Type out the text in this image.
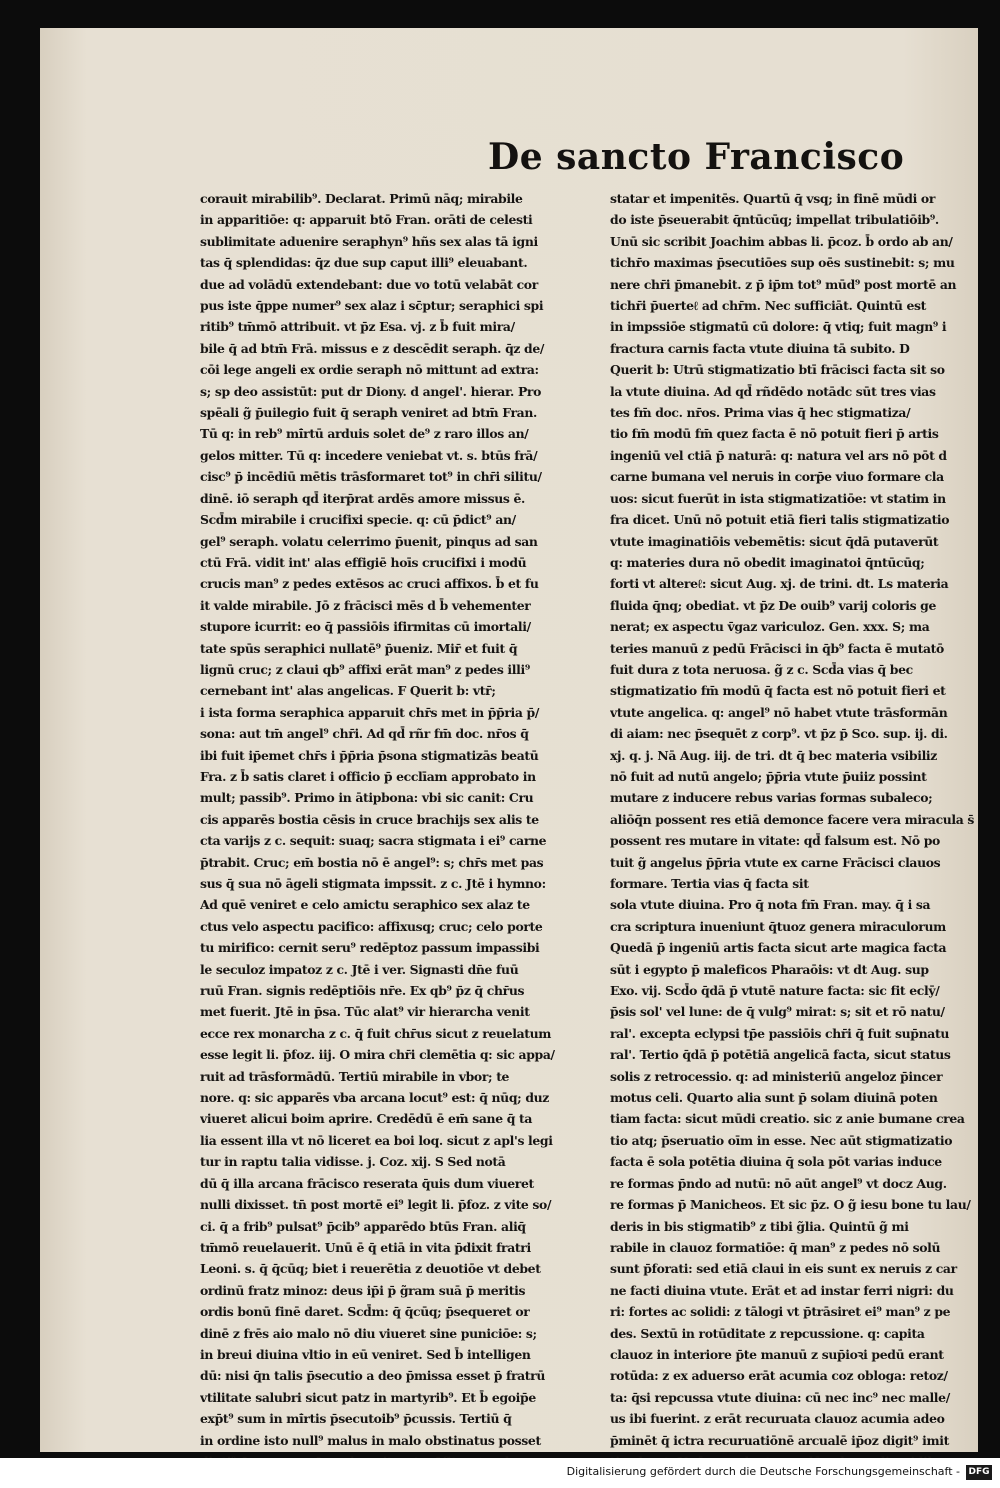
De sancto Francisco
corauit mirabilib⁹. Declarat. Primū nāq; mirabile
in apparitiōe: q: apparuit btō Fran. orāti de celesti
sublimitate aduenire seraphyn⁹ hñs sex alas tā igni
tas q̄ splendidas: q̄z due sup caput illi⁹ eleuabant.
due ad volādū extendebant: due vo totū velabāt cor
pus iste q̄ppe numer⁹ sex alaz i sc̄ptur; seraphici spi
ritib⁹ tm̄mō attribuit. vt p̄z Esa. vj. z b̄ fuit mira/
bile q̄ ad btm̄ Frā. missus e z descēdit seraph. q̄z de/
cōi lege angeli ex ordie seraph nō mittunt ad extra:
s; sp deo assistūt: put dr Diony. d angel'. hierar. Pro
spēali g̃ p̄uilegio fuit q̄ seraph veniret ad btm̄ Fran.
Tū q: in reb⁹ mi̇̄rtū arduis solet de⁹ z raro illos an/
gelos mitter. Tū q: incedere veniebat vt. s. btūs frā/
cisc⁹ p̄ incēdiū mētis trāsformaret tot⁹ in chr̄i silitu/
dinē. iō seraph qd̄ iterp̄rat ardēs amore missus ē.
Scd̄m mirabile i crucifixi specie. q: cū p̄dict⁹ an/
gel⁹ seraph. volatu celerrimo p̄uenit, pinqus ad san
ctū Frā. vidit int' alas effigiē hoīs crucifixi i modū
crucis man⁹ z pedes extēsos ac cruci affixos. b̄ et fu
it valde mirabile. Jō z frācisci mēs d b̄ vehementer
stupore icurrit: eo q̄ passiōis ifirmitas cū imortali/
tate spūs seraphici nullatē⁹ p̄ueniz. Mir̄ et fuit q̄
lignū cruc; z claui qb⁹ affixi erāt man⁹ z pedes illi⁹
cernebant int' alas angelicas. F Querit b: vtr̄;
i ista forma seraphica apparuit chr̄s met in p̄p̄ria p̄/
sona: aut tm̄ angel⁹ chr̄i. Ad qd̄ rñr fm̄ doc. nr̄os q̄
ibi fuit ip̄emet chr̄s i p̄p̄ria p̄sona stigmatizās beatū
Fra. z b̄ satis claret i officio p̄ ecclīam approbato in
mult; passib⁹. Primo in ātipbona: vbi sic canit: Cru
cis apparēs bostia cēsis in cruce brachijs sex alis te
cta varijs z c. sequit: suaq; sacra stigmata i ei⁹ carne
p̄trabit. Cruc; em̄ bostia nō ē angel⁹: s; chr̄s met pas
sus q̄ sua nō āgeli stigmata impssit. z c. Jtē i hymno:
Ad quē veniret e celo amictu seraphico sex alaz te
ctus velo aspectu pacifico: affixusq; cruc; celo porte
tu mirifico: cernit seru⁹ redēptoz passum impassibi
le seculoz impatoz z c. Jtē i ver. Signasti dn̄e fuū
ruū Fran. signis redēptiōis nr̄e. Ex qb⁹ p̄z q̄ chr̄us
met fuerit. Jtē in p̄sa. Tūc alat⁹ vir hierarcha venit
ecce rex monarcha z c. q̄ fuit chr̄us sicut z reuelatum
esse legit li. p̄foz. iij. O mira chr̄i clemētia q: sic appa/
ruit ad trāsformādū. Tertiū mirabile in vbor; te
nore. q: sic apparēs vba arcana locut⁹ est: q̄ nūq; duz
viueret alicui boim aprire. Credēdū ē em̄ sane q̄ ta
lia essent illa vt nō liceret ea boi loq. sicut z apl's legi
tur in raptu talia vidisse. j. Coz. xij. S Sed notā
dū q̄ illa arcana frācisco reserata q̄uis dum viueret
nulli dixisset. tn̄ post mortē ei⁹ legit li. p̄foz. z vite so/
ci. q̄ a frib⁹ pulsat⁹ p̄cib⁹ apparēdo btūs Fran. aliq̄
tm̄mō reuelauerit. Unū ē q̄ etiā in vita p̄dixit fratri
Leoni. s. q̄ q̄cūq; biet i reuerētia z deuotiōe vt debet
ordinū fratz minoz: deus ip̄i p̄ g̃ram suā p̄ meritis
ordis bonū finē daret. Scd̄m: q̄ q̄cūq; p̄sequeret or
dinē z frēs aio malo nō diu viueret sine puniciōe: s;
in breui diuina vltio in eū veniret. Sed b̄ intelligen
dū: nisi q̄n talis p̄secutio a deo p̄missa esset p̄ fratrū
vtilitate salubri sicut patz in martyrib⁹. Et b̄ egoip̄e
exp̄t⁹ sum in mi̇̄rtis p̄secutoib⁹ p̄cussis. Tertiū q̄
in ordine isto null⁹ malus in malo obstinatus posset
statar et impenitēs. Quartū q̄ vsq; in finē mūdi or
do iste p̄seuerabit q̄ntūcūq; impellat tribulatiōib⁹.
Unū sic scribit Joachim abbas li. p̄coz. b̄ ordo ab an/
tichr̄o maximas p̄secutiōes sup oēs sustinebit: s; mu
nere chr̄i p̄manebit. z p̄ ip̄m tot⁹ mūd⁹ post mortē an
tichr̄i p̄uerteℓ ad chr̄m. Nec sufficiāt. Quintū est
in impssiōe stigmatū cū dolore: q̄ vtiq; fuit magn⁹ i
fractura carnis facta vtute diuina tā subito. D
Querit b: Utrū stigmatizatio btī frācisci facta sit so
la vtute diuina. Ad qd̄ rñdēdo notādc sūt tres vias
tes fm̄ doc. nr̄os. Prima vias q̄ hec stigmatiza/
tio fm̄ modū fm̄ quez facta ē nō potuit fieri p̄ artis
ingeniū vel ctiā p̄ naturā: q: natura vel ars nō pōt d
carne bumana vel neruis in corp̄e viuo formare cla
uos: sicut fuerūt in ista stigmatizatiōe: vt statim in
fra dicet. Unū nō potuit etiā fieri talis stigmatizatio
vtute imaginatiōis vebemētis: sicut q̄dā putaverūt
q: materies dura nō obedit imaginatoi q̄ntūcūq;
forti vt altereℓ: sicut Aug. xj. de trini. dt. Ls materia
fluida q̄nq; obediat. vt p̄z De ouib⁹ varij coloris ge
nerat; ex aspectu v̄gaz variculoz. Gen. xxx. S; ma
teries manuū z pedū Frācisci in q̄b⁹ facta ē mutatō
fuit dura z tota neruosa. g̃ z c. Scd̄a vias q̄ bec
stigmatizatio fm̄ modū q̄ facta est nō potuit fieri et
vtute angelica. q: angel⁹ nō habet vtute trāsformān
di aiam: nec p̄sequēt z corp⁹. vt p̄z p̄ Sco. sup. ij. di.
xj. q. j. Nā Aug. iij. de tri. dt q̄ bec materia vsibiliz
nō fuit ad nutū angelo; p̄p̄ria vtute p̄uiiz possint
mutare z inducere rebus varias formas subaleco;
aliōq̄n possent res etiā demonce facere vera miracula s̄
possent res mutare in vitate: qd̄ falsum est. Nō po
tuit g̃ angelus p̄p̄ria vtute ex carne Frācisci clauos
formare. Tertia vias q̄ facta sit
sola vtute diuina. Pro q̄ nota fm̄ Fran. may. q̄ i sa
cra scriptura inueniunt q̄tuoz genera miraculorum
Quedā p̄ ingeniū artis facta sicut arte magica facta
sūt i egypto p̄ maleficos Pharaōis: vt dt Aug. sup
Exo. vij. Scd̄o q̄dā p̄ vtutē nature facta: sic fit eclȳ/
p̄sis sol' vel lune: de q̄ vulg⁹ mirat: s; sit et rō natu/
ral'. excepta eclypsi tp̄e passiōis chr̄i q̄ fuit sup̄natu
ral'. Tertio q̄dā p̄ potētiā angelicā facta, sicut status
solis z retrocessio. q: ad ministeriū angeloz p̄incer
motus celi. Quarto alia sunt p̄ solam diuinā poten
tiam facta: sicut mūdi creatio. sic z anie bumane crea
tio atq; p̄seruatio oīm in esse. Nec aūt stigmatizatio
facta ē sola potētia diuina q̄ sola pōt varias induce
re formas p̄ndo ad nutū: nō aūt angel⁹ vt docz Aug.
re formas p̄ Manicheos. Et sic p̄z. O g̃ iesu bone tu lau/
deris in bis stigmatib⁹ z tibi g̃lia. Quintū g̃ mi
rabile in clauoz formatiōe: q̄ man⁹ z pedes nō solū
sunt p̄forati: sed etiā claui in eis sunt ex neruis z car
ne facti diuina vtute. Erāt et ad instar ferri nigri: du
ri: fortes ac solidi: z tālogi vt p̄trāsiret ei⁹ man⁹ z pe
des. Sextū in rotūditate z repcussione. q: capita
clauoz in interiore p̄te manuū z sup̄ioꝛi pedū erant
rotūda: z ex aduerso erāt acumia coz obloga: retoz/
ta: q̄si repcussa vtute diuina: cū nec inc⁹ nec malle/
us ibi fuerint. z erāt recuruata clauoz acumia adeo
p̄minēt q̄ ictra recuruatiōnē arcualē ip̄oz digit⁹ imit
Digitalisierung gefördert durch die Deutsche Forschungsgemeinschaft - DFG
